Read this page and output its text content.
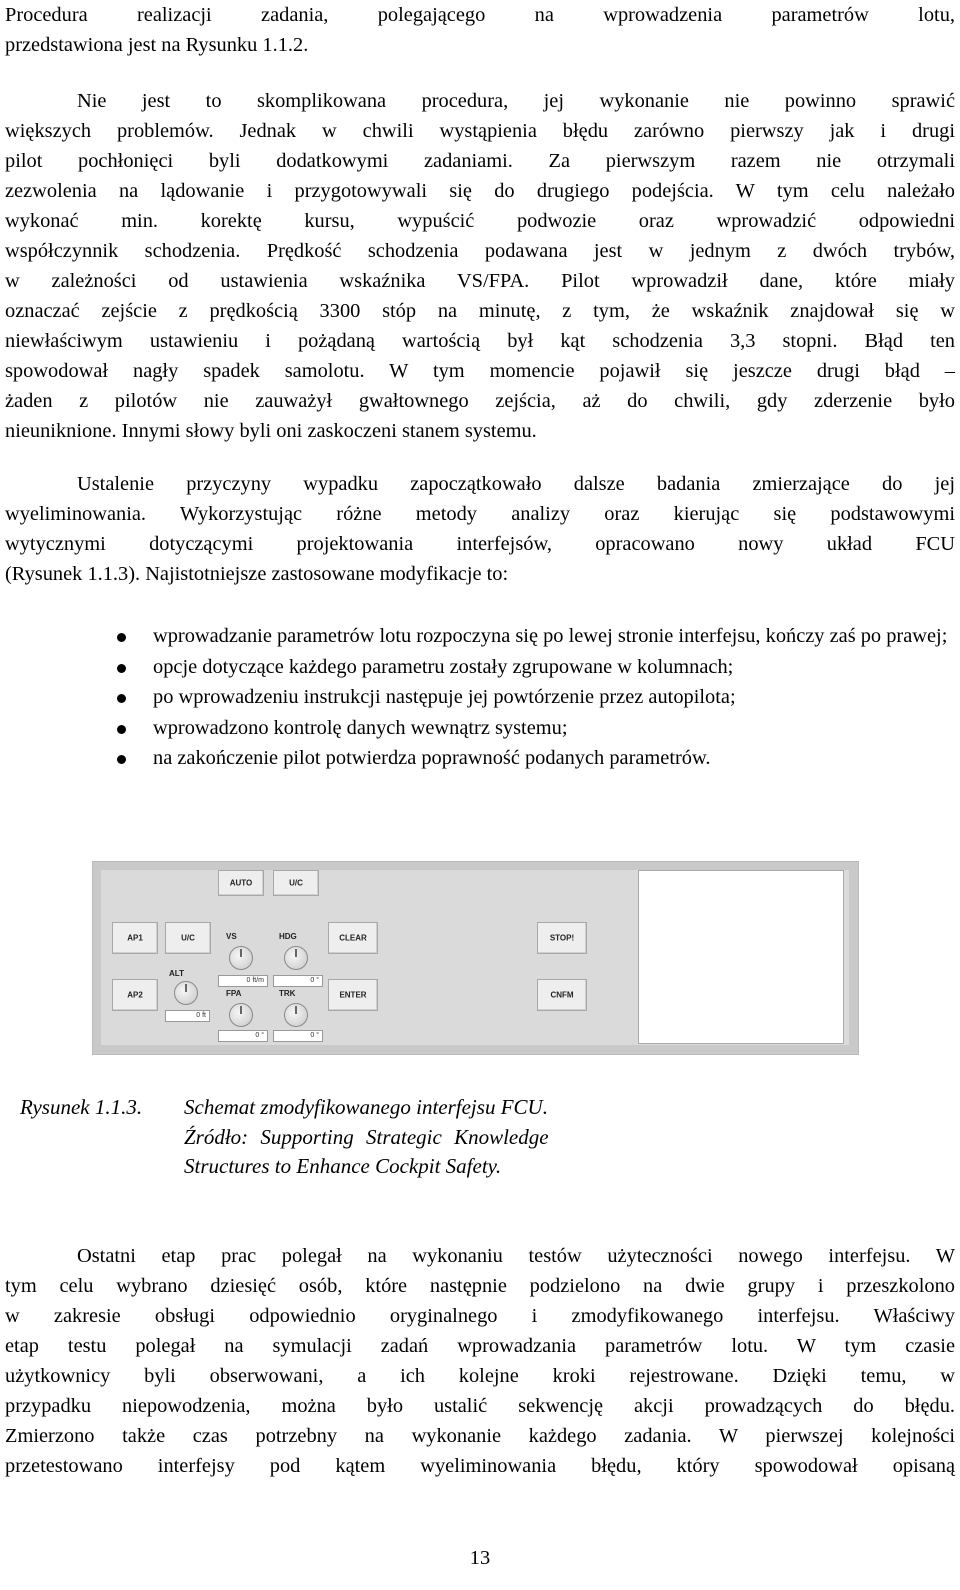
Procedura realizacji zadania, polegającego na wprowadzenia parametrów lotu,
przedstawiona jest na Rysunku 1.1.2.
Nie jest to skomplikowana procedura, jej wykonanie nie powinno sprawić
większych problemów. Jednak w chwili wystąpienia błędu zarówno pierwszy jak i drugi
pilot pochłonięci byli dodatkowymi zadaniami. Za pierwszym razem nie otrzymali
zezwolenia na lądowanie i przygotowywali się do drugiego podejścia. W tym celu należało
wykonać min. korektę kursu, wypuścić podwozie oraz wprowadzić odpowiedni
współczynnik schodzenia. Prędkość schodzenia podawana jest w jednym z dwóch trybów,
w zależności od ustawienia wskaźnika VS/FPA. Pilot wprowadził dane, które miały
oznaczać zejście z prędkością 3300 stóp na minutę, z tym, że wskaźnik znajdował się w
niewłaściwym ustawieniu i pożądaną wartością był kąt schodzenia 3,3 stopni. Błąd ten
spowodował nagły spadek samolotu. W tym momencie pojawił się jeszcze drugi błąd –
żaden z pilotów nie zauważył gwałtownego zejścia, aż do chwili, gdy zderzenie było
nieuniknione. Innymi słowy byli oni zaskoczeni stanem systemu.
Ustalenie przyczyny wypadku zapoczątkowało dalsze badania zmierzające do jej
wyeliminowania. Wykorzystując różne metody analizy oraz kierując się podstawowymi
wytycznymi dotyczącymi projektowania interfejsów, opracowano nowy układ FCU
(Rysunek 1.1.3). Najistotniejsze zastosowane modyfikacje to:
wprowadzanie parametrów lotu rozpoczyna się po lewej stronie interfejsu, kończy zaś po prawej;
opcje dotyczące każdego parametru zostały zgrupowane w kolumnach;
po wprowadzeniu instrukcji następuje jej powtórzenie przez autopilota;
wprowadzono kontrolę danych wewnątrz systemu;
na zakończenie pilot potwierdza poprawność podanych parametrów.
AP1
AP2
U/C
ALT
0 ft
AUTO	U/C
VS
0 ft/m
HDG
0 °
FPA
0 °
TRK
0 °
CLEAR
ENTER
STOP!
CNFM
Rysunek 1.1.3. Schemat zmodyfikowanego interfejsu FCU.
Źródło: Supporting Strategic Knowledge
Structures to Enhance Cockpit Safety.
Ostatni etap prac polegał na wykonaniu testów użyteczności nowego interfejsu. W
tym celu wybrano dziesięć osób, które następnie podzielono na dwie grupy i przeszkolono
w zakresie obsługi odpowiednio oryginalnego i zmodyfikowanego interfejsu. Właściwy
etap testu polegał na symulacji zadań wprowadzania parametrów lotu. W tym czasie
użytkownicy byli obserwowani, a ich kolejne kroki rejestrowane. Dzięki temu, w
przypadku niepowodzenia, można było ustalić sekwencję akcji prowadzących do błędu.
Zmierzono także czas potrzebny na wykonanie każdego zadania. W pierwszej kolejności
przetestowano interfejsy pod kątem wyeliminowania błędu, który spowodował opisaną
13
